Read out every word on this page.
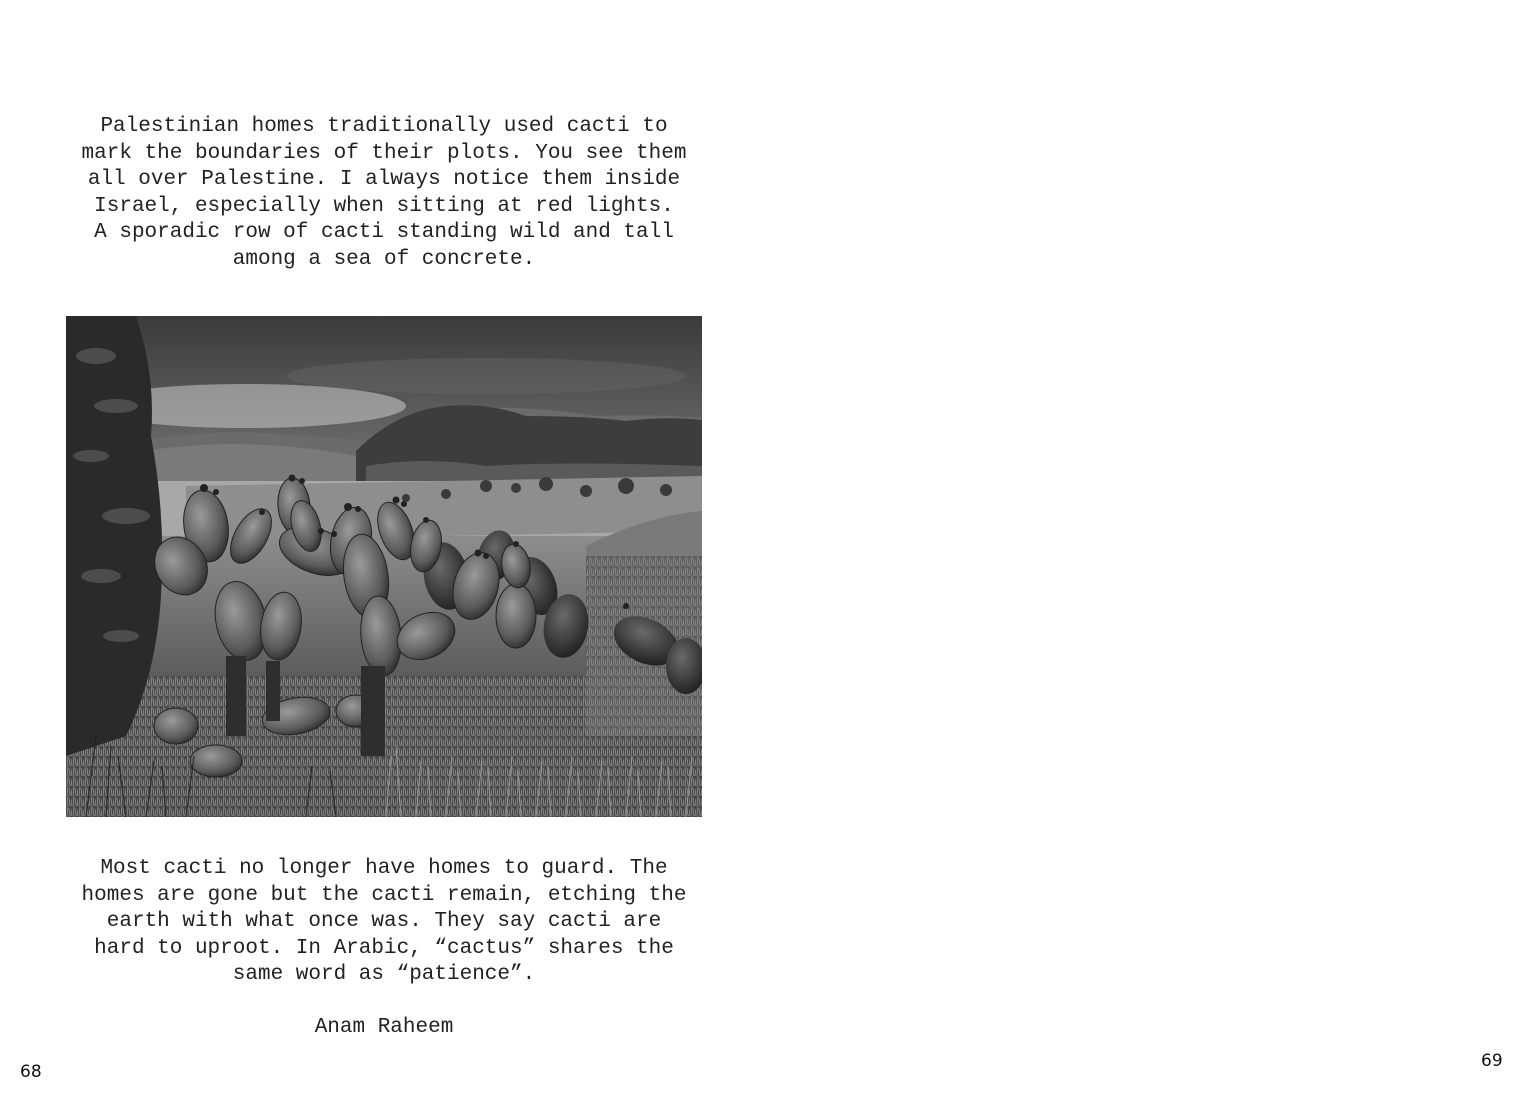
Palestinian homes traditionally used cacti to
mark the boundaries of their plots. You see them
all over Palestine. I always notice them inside
Israel, especially when sitting at red lights.
A sporadic row of cacti standing wild and tall
among a sea of concrete.
Most cacti no longer have homes to guard. The
homes are gone but the cacti remain, etching the
earth with what once was. They say cacti are
hard to uproot. In Arabic, “cactus” shares the
same word as “patience”.
Anam Raheem
68
69
